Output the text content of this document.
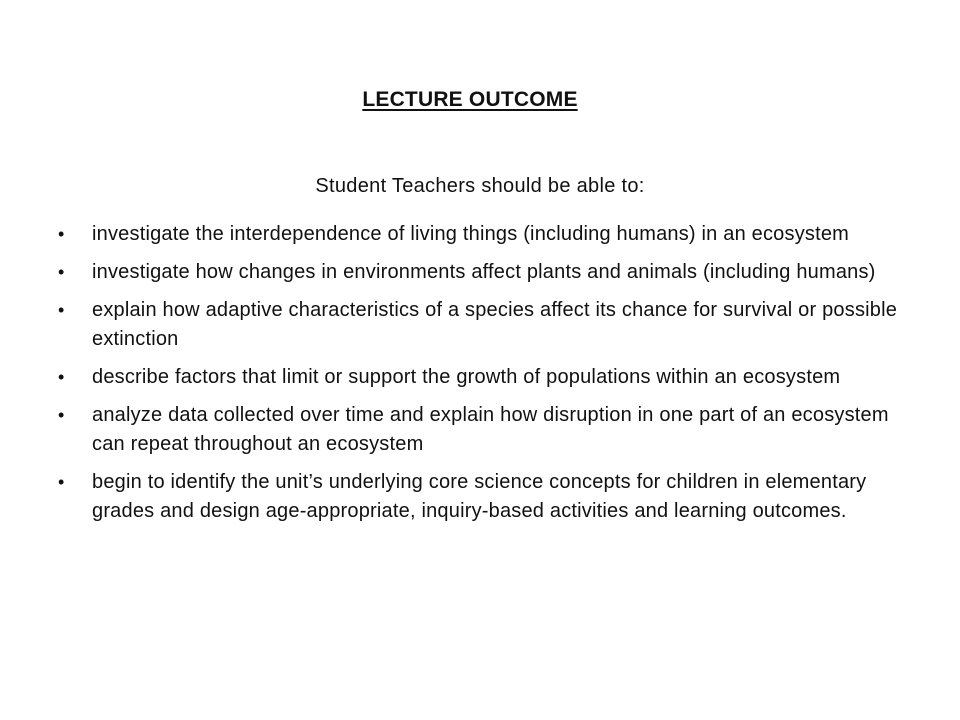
LECTURE OUTCOME
Student Teachers should be able to:
• investigate the interdependence of living things (including humans) in an ecosystem
• investigate how changes in environments affect plants and animals (including humans)
• explain how adaptive characteristics of a species affect its chance for survival or possible extinction
• describe factors that limit or support the growth of populations within an ecosystem
• analyze data collected over time and explain how disruption in one part of an ecosystem can repeat throughout an ecosystem
• begin to identify the unit’s underlying core science concepts for children in elementary grades and design age-appropriate, inquiry-based activities and learning outcomes.
